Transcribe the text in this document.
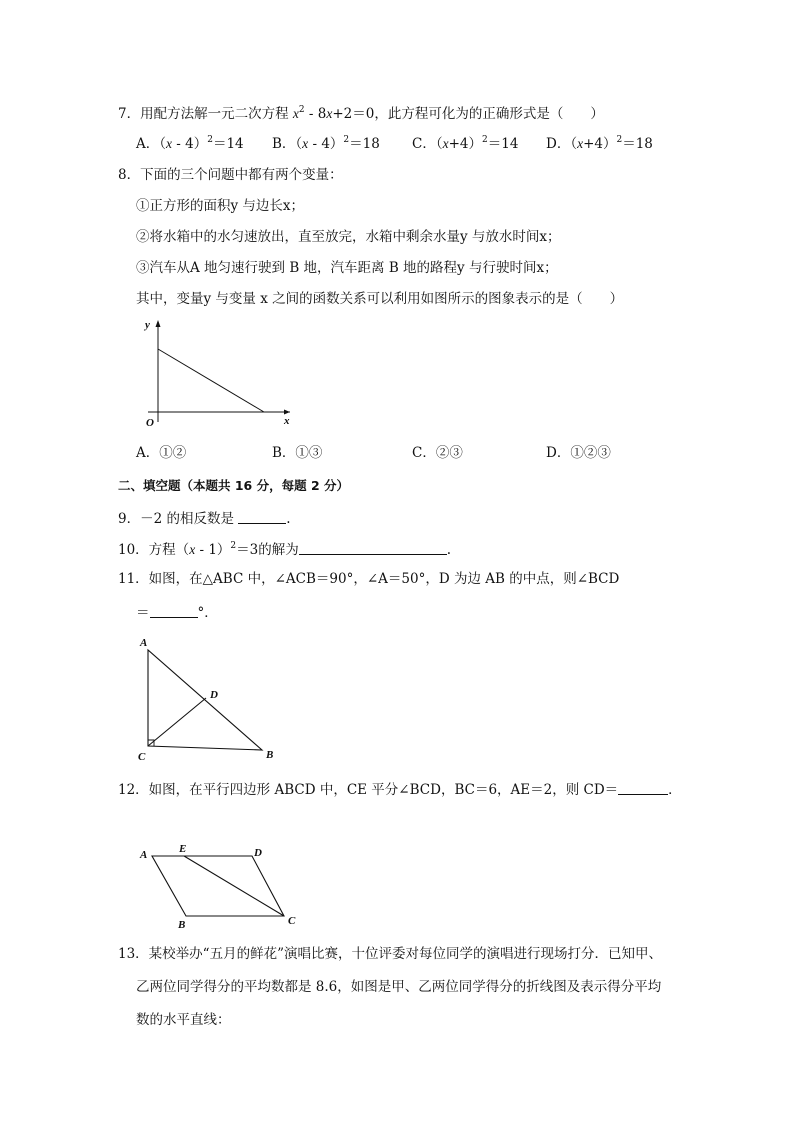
7．用配方法解一元二次方程 $x^2 - 8x+2=0$，此方程可化为的正确形式是（　　）
A．（x - 4）$^2$＝14 B．（x - 4）$^2$＝18 C．$(x+4)^2=14$ D．$(x+4)^2=18$
8．下面的三个问题中都有两个变量：
①正方形的面积y 与边长x；
②将水箱中的水匀速放出，直至放完，水箱中剩余水量y 与放水时间x；
③汽车从A 地匀速行驶到 B 地，汽车距离 B 地的路程y 与行驶时间x；
其中，变量y 与变量 x 之间的函数关系可以利用如图所示的图象表示的是（　　）
y
x
O
A．①②	B．①③	C．②③	D．①②③
二、填空题（本题共 16 分，每题 2 分）
9．－2 的相反数是	.
10．方程（x - 1）$^2$＝3的解为	.
11．如图，在△ABC 中，∠ACB＝90°，∠A＝50°，D 为边 AB 的中点，则∠BCD
＝	°．
A
D
C	B
12．如图，在平行四边形 ABCD 中，CE 平分∠BCD，BC＝6，AE＝2，则 CD＝	．
A	E	D
B	C
13．某校举办“五月的鲜花”演唱比赛，十位评委对每位同学的演唱进行现场打分．已知甲、
乙两位同学得分的平均数都是 8.6，如图是甲、乙两位同学得分的折线图及表示得分平均
数的水平直线：
